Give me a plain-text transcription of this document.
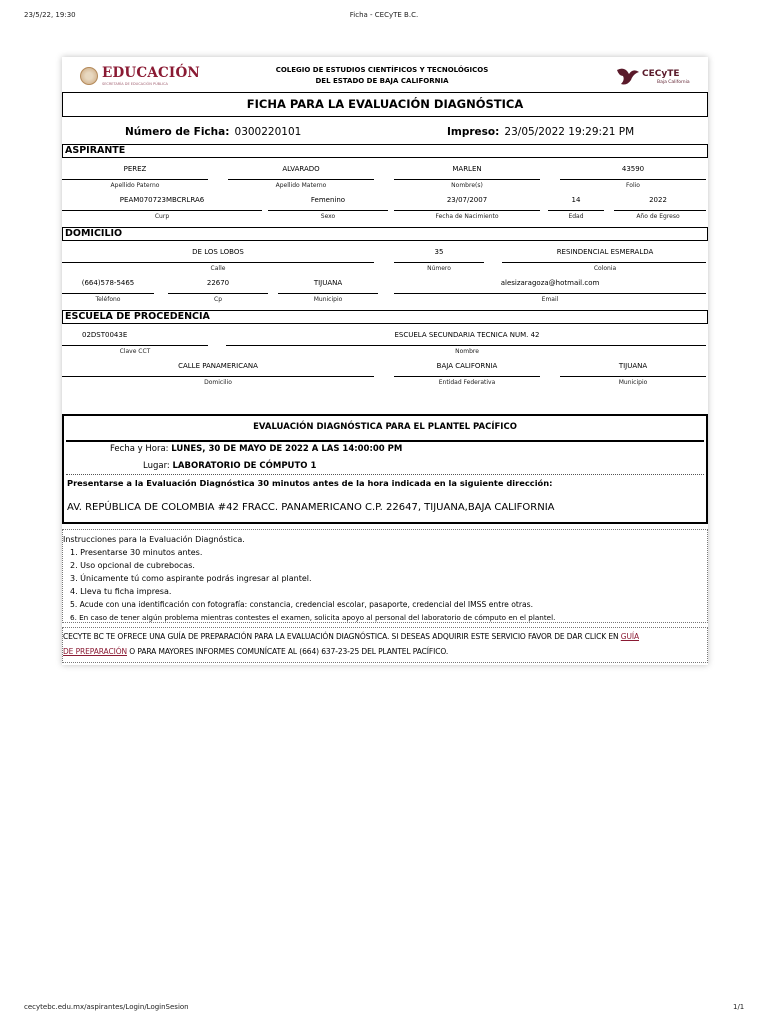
23/5/22, 19:30	Ficha - CECyTE B.C.
cecytebc.edu.mx/aspirantes/Login/LoginSesion	1/1
EDUCACIÓN
SECRETARÍA DE EDUCACIÓN PÚBLICA
COLEGIO DE ESTUDIOS CIENTÍFICOS Y TECNOLÓGICOS
DEL ESTADO DE BAJA CALIFORNIA
CECyTE
Baja California
FICHA PARA LA EVALUACIÓN DIAGNÓSTICA
Número de Ficha: 0300220101	Impreso: 23/05/2022 19:29:21 PM
ASPIRANTE
PEREZ	ALVARADO	MARLEN	43590
Apellido Paterno	Apellido Materno	Nombre(s)	Folio
PEAM070723MBCRLRA6	Femenino	23/07/2007	14	2022
Curp	Sexo	Fecha de Nacimiento	Edad	Año de Egreso
DOMICILIO
DE LOS LOBOS	35	RESINDENCIAL ESMERALDA
Calle	Número	Colonia
(664)578-5465	22670	TIJUANA	alesizaragoza@hotmail.com
Teléfono	Cp	Municipio	Email
ESCUELA DE PROCEDENCIA
02DST0043E	ESCUELA SECUNDARIA TECNICA NUM. 42
Clave CCT	Nombre
CALLE PANAMERICANA	BAJA CALIFORNIA	TIJUANA
Domicilio	Entidad Federativa	Municipio
EVALUACIÓN DIAGNÓSTICA PARA EL PLANTEL PACÍFICO
Fecha y Hora: LUNES, 30 DE MAYO DE 2022 A LAS 14:00:00 PM
Lugar: LABORATORIO DE CÓMPUTO 1
Presentarse a la Evaluación Diagnóstica 30 minutos antes de la hora indicada en la siguiente dirección:
AV. REPÚBLICA DE COLOMBIA #42 FRACC. PANAMERICANO C.P. 22647, TIJUANA,BAJA CALIFORNIA
Instrucciones para la Evaluación Diagnóstica.
1. Presentarse 30 minutos antes.
2. Uso opcional de cubrebocas.
3. Únicamente tú como aspirante podrás ingresar al plantel.
4. Lleva tu ficha impresa.
5. Acude con una identificación con fotografía: constancia, credencial escolar, pasaporte, credencial del IMSS entre otras.
6. En caso de tener algún problema mientras contestes el examen, solicita apoyo al personal del laboratorio de cómputo en el plantel.
CECYTE BC TE OFRECE UNA GUÍA DE PREPARACIÓN PARA LA EVALUACIÓN DIAGNÓSTICA. SI DESEAS ADQUIRIR ESTE SERVICIO FAVOR DE DAR CLICK EN GUÍA
DE PREPARACIÓN O PARA MAYORES INFORMES COMUNÍCATE AL (664) 637-23-25 DEL PLANTEL PACÍFICO.
